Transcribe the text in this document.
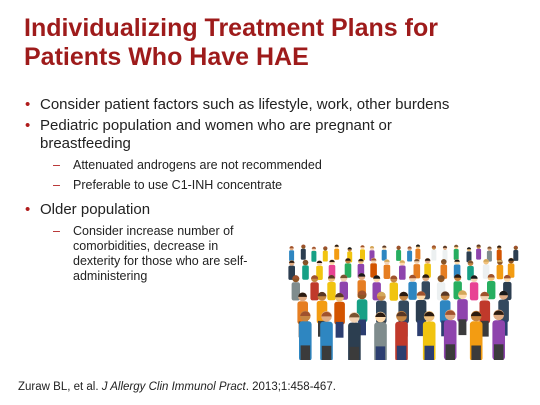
Individualizing Treatment Plans for
Patients Who Have HAE
• Consider patient factors such as lifestyle, work, other burdens
• Pediatric population and women who are pregnant or breastfeeding
– Attenuated androgens are not recommended
– Preferable to use C1-INH concentrate
• Older population
– Consider increase number of comorbidities, decrease in dexterity for those who are self-administering
Zuraw BL, et al. J Allergy Clin Immunol Pract. 2013;1:458-467.
